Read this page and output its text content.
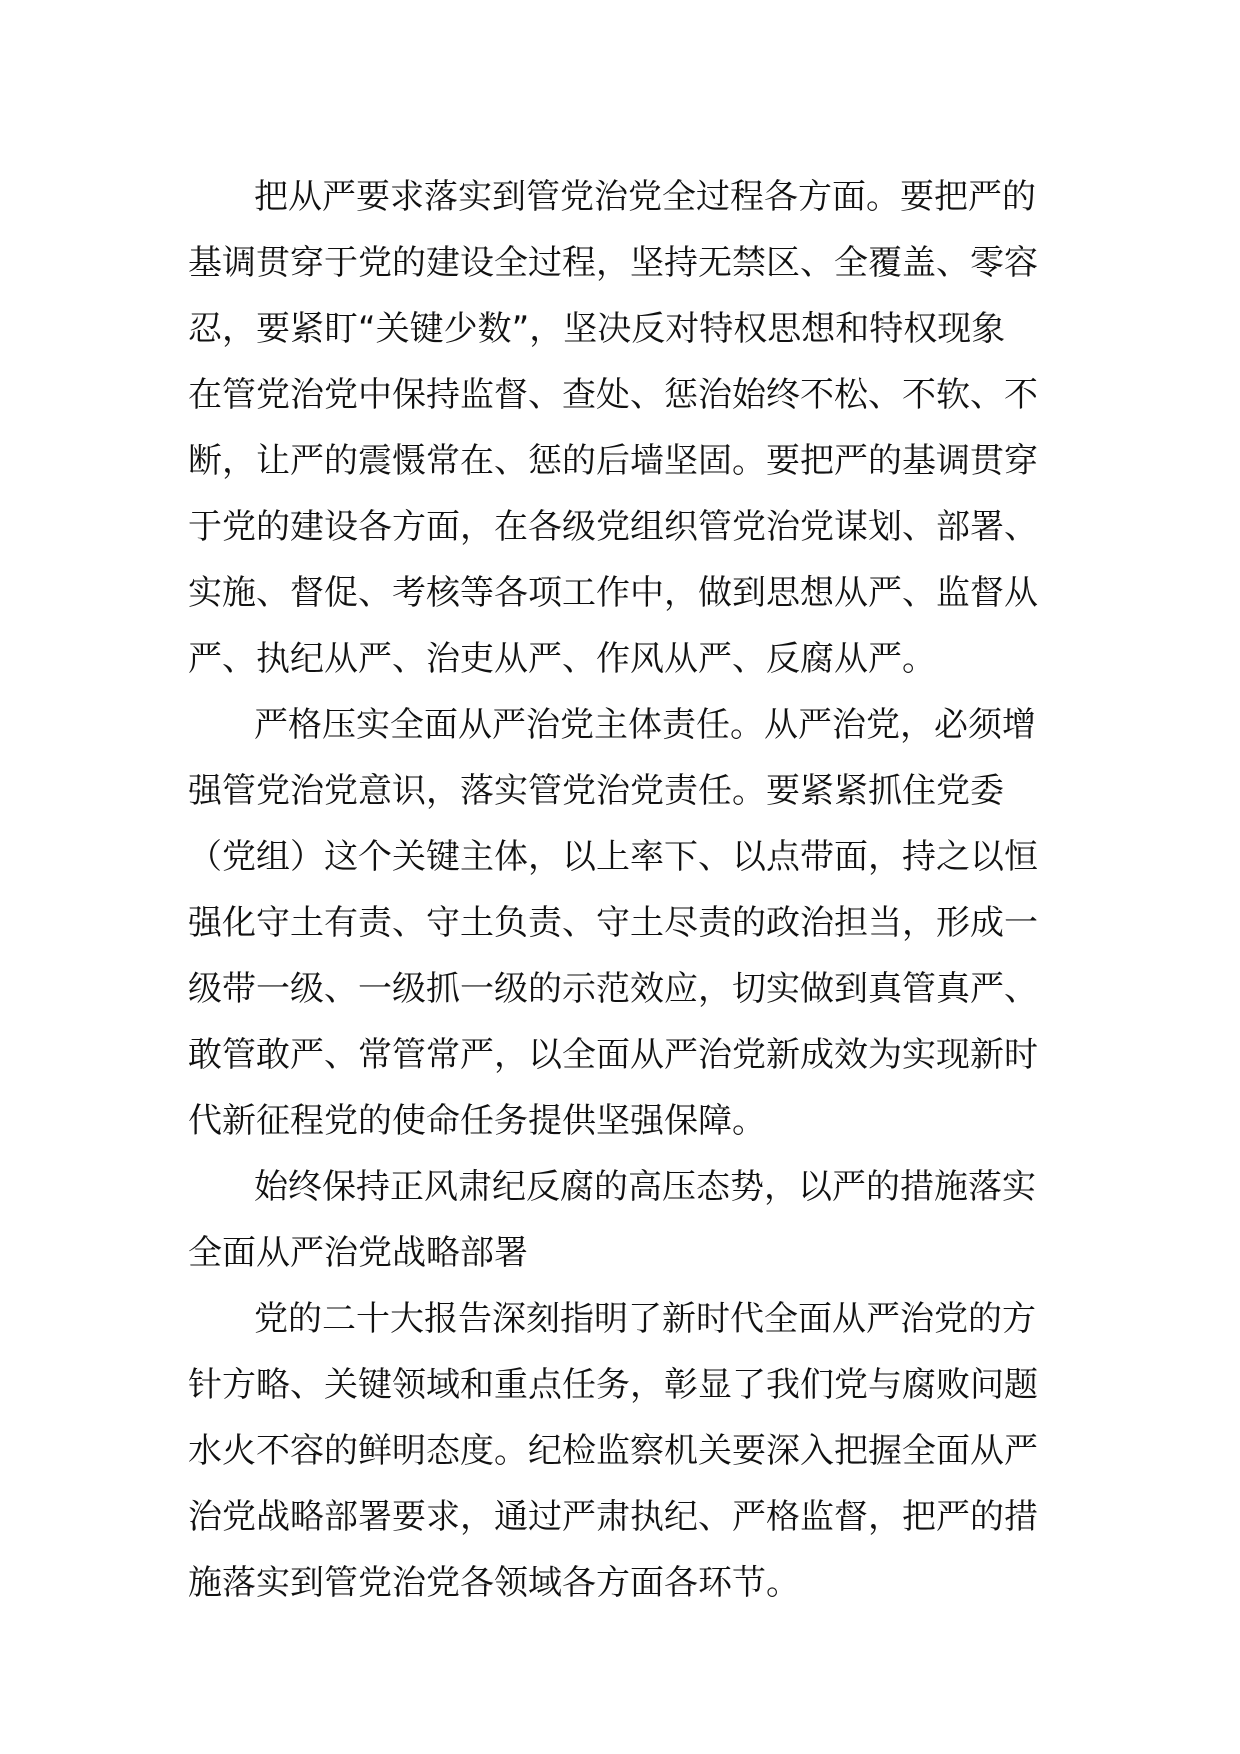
把从严要求落实到管党治党全过程各方面。要把严的
基调贯穿于党的建设全过程，坚持无禁区、全覆盖、零容
忍，要紧盯“关键少数”，坚决反对特权思想和特权现象
在管党治党中保持监督、查处、惩治始终不松、不软、不
断，让严的震慑常在、惩的后墙坚固。要把严的基调贯穿
于党的建设各方面，在各级党组织管党治党谋划、部署、
实施、督促、考核等各项工作中，做到思想从严、监督从
严、执纪从严、治吏从严、作风从严、反腐从严。

严格压实全面从严治党主体责任。从严治党，必须增
强管党治党意识，落实管党治党责任。要紧紧抓住党委
（党组）这个关键主体，以上率下、以点带面，持之以恒
强化守土有责、守土负责、守土尽责的政治担当，形成一
级带一级、一级抓一级的示范效应，切实做到真管真严、
敢管敢严、常管常严，以全面从严治党新成效为实现新时
代新征程党的使命任务提供坚强保障。

始终保持正风肃纪反腐的高压态势，以严的措施落实
全面从严治党战略部署

党的二十大报告深刻指明了新时代全面从严治党的方
针方略、关键领域和重点任务，彰显了我们党与腐败问题
水火不容的鲜明态度。纪检监察机关要深入把握全面从严
治党战略部署要求，通过严肃执纪、严格监督，把严的措
施落实到管党治党各领域各方面各环节。
